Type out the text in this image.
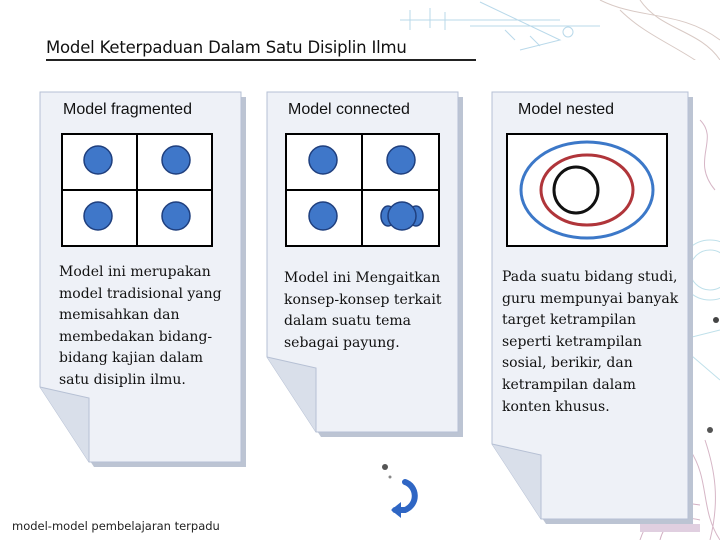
Model Keterpaduan Dalam Satu Disiplin Ilmu
Model fragmented
Model ini merupakan model tradisional yang memisahkan dan membedakan bidang-bidang kajian dalam satu disiplin ilmu.
Model connected
Model ini Mengaitkan konsep-konsep terkait dalam suatu tema sebagai payung.
Model nested
Pada suatu bidang studi, guru mempunyai banyak target ketrampilan seperti ketrampilan sosial, berikir, dan ketrampilan dalam konten khusus.
model-model pembelajaran terpadu
